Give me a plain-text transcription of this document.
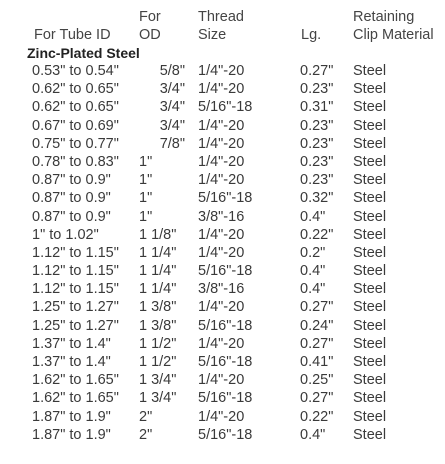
For Tube ID
For
OD
Thread
Size	Lg.
Retaining
Clip Material
Zinc-Plated Steel
0.53" to 0.54"	5/8" 1/4"-20	0.27" Steel
0.62" to 0.65"	3/4" 1/4"-20	0.23" Steel
0.62" to 0.65"	3/4" 5/16"-18	0.31" Steel
0.67" to 0.69"	3/4" 1/4"-20	0.23" Steel
0.75" to 0.77"	7/8" 1/4"-20	0.23" Steel
0.78" to 0.83" 1"	1/4"-20	0.23" Steel
0.87" to 0.9" 1"	1/4"-20	0.23" Steel
0.87" to 0.9" 1"	5/16"-18	0.32" Steel
0.87" to 0.9" 1"	3/8"-16	0.4" Steel
1" to 1.02"	1 1/8"	1/4"-20	0.22" Steel
1.12" to 1.15" 1 1/4"	1/4"-20	0.2" Steel
1.12" to 1.15" 1 1/4"	5/16"-18	0.4" Steel
1.12" to 1.15" 1 1/4"	3/8"-16	0.4" Steel
1.25" to 1.27" 1 3/8"	1/4"-20	0.27" Steel
1.25" to 1.27" 1 3/8"	5/16"-18	0.24" Steel
1.37" to 1.4" 1 1/2"	1/4"-20	0.27" Steel
1.37" to 1.4" 1 1/2"	5/16"-18	0.41" Steel
1.62" to 1.65" 1 3/4"	1/4"-20	0.25" Steel
1.62" to 1.65" 1 3/4"	5/16"-18	0.27" Steel
1.87" to 1.9" 2"	1/4"-20	0.22" Steel
1.87" to 1.9" 2"	5/16"-18	0.4" Steel
